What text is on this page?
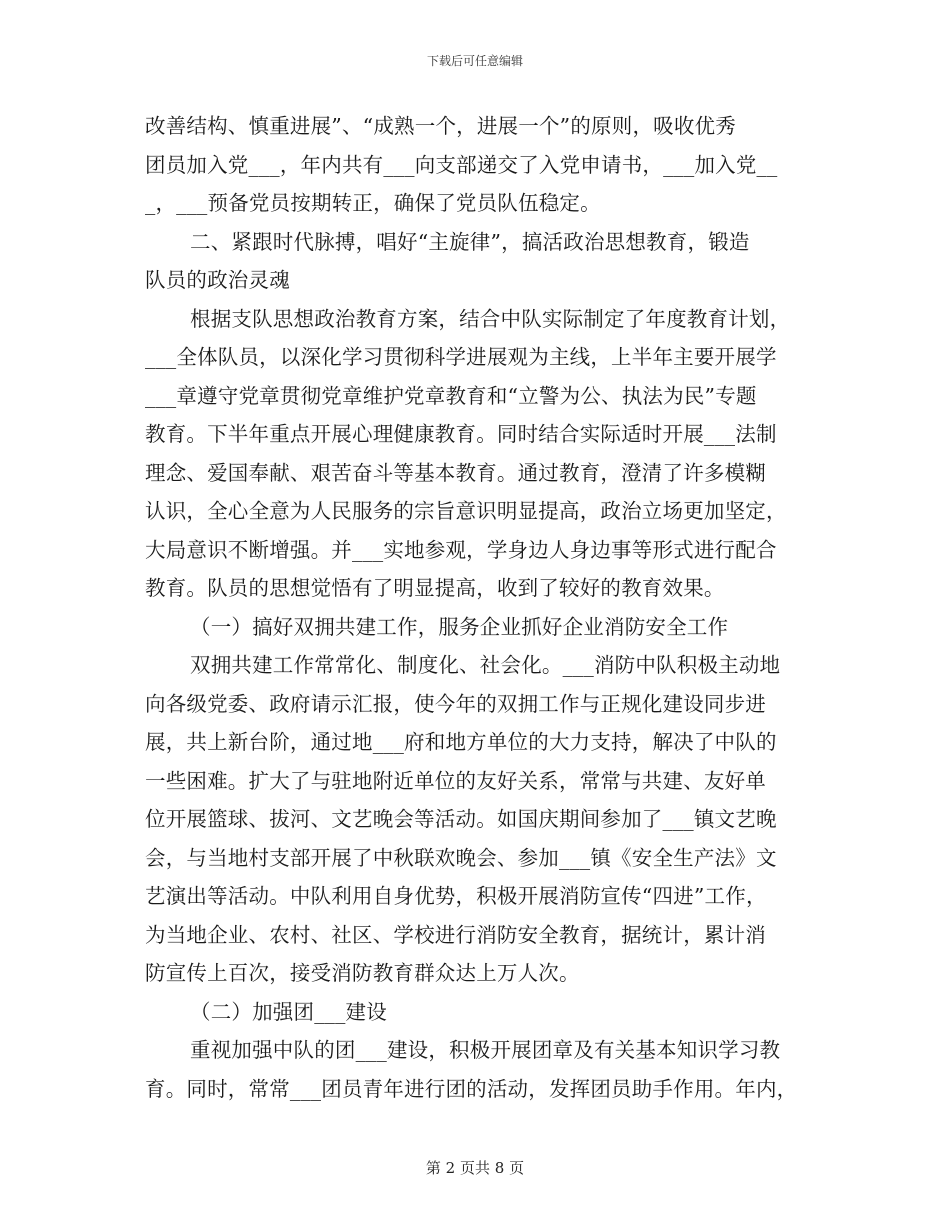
下载后可任意编辑
改善结构、慎重进展”、“成熟一个，进展一个”的原则，吸收优秀
团员加入党___，年内共有___向支部递交了入党申请书，___加入党__
_，___预备党员按期转正，确保了党员队伍稳定。
二、紧跟时代脉搏，唱好“主旋律”，搞活政治思想教育，锻造
队员的政治灵魂
根据支队思想政治教育方案，结合中队实际制定了年度教育计划，
___全体队员，以深化学习贯彻科学进展观为主线，上半年主要开展学
___章遵守党章贯彻党章维护党章教育和“立警为公、执法为民”专题
教育。下半年重点开展心理健康教育。同时结合实际适时开展___法制
理念、爱国奉献、艰苦奋斗等基本教育。通过教育，澄清了许多模糊
认识，全心全意为人民服务的宗旨意识明显提高，政治立场更加坚定，
大局意识不断增强。并___实地参观，学身边人身边事等形式进行配合
教育。队员的思想觉悟有了明显提高，收到了较好的教育效果。
（一）搞好双拥共建工作，服务企业抓好企业消防安全工作
双拥共建工作常常化、制度化、社会化。___消防中队积极主动地
向各级党委、政府请示汇报，使今年的双拥工作与正规化建设同步进
展，共上新台阶，通过地___府和地方单位的大力支持，解决了中队的
一些困难。扩大了与驻地附近单位的友好关系，常常与共建、友好单
位开展篮球、拔河、文艺晚会等活动。如国庆期间参加了___镇文艺晚
会，与当地村支部开展了中秋联欢晚会、参加___镇《安全生产法》文
艺演出等活动。中队利用自身优势，积极开展消防宣传“四进”工作，
为当地企业、农村、社区、学校进行消防安全教育，据统计，累计消
防宣传上百次，接受消防教育群众达上万人次。
（二）加强团___建设
重视加强中队的团___建设，积极开展团章及有关基本知识学习教
育。同时，常常___团员青年进行团的活动，发挥团员助手作用。年内，
第 2 页共 8 页
